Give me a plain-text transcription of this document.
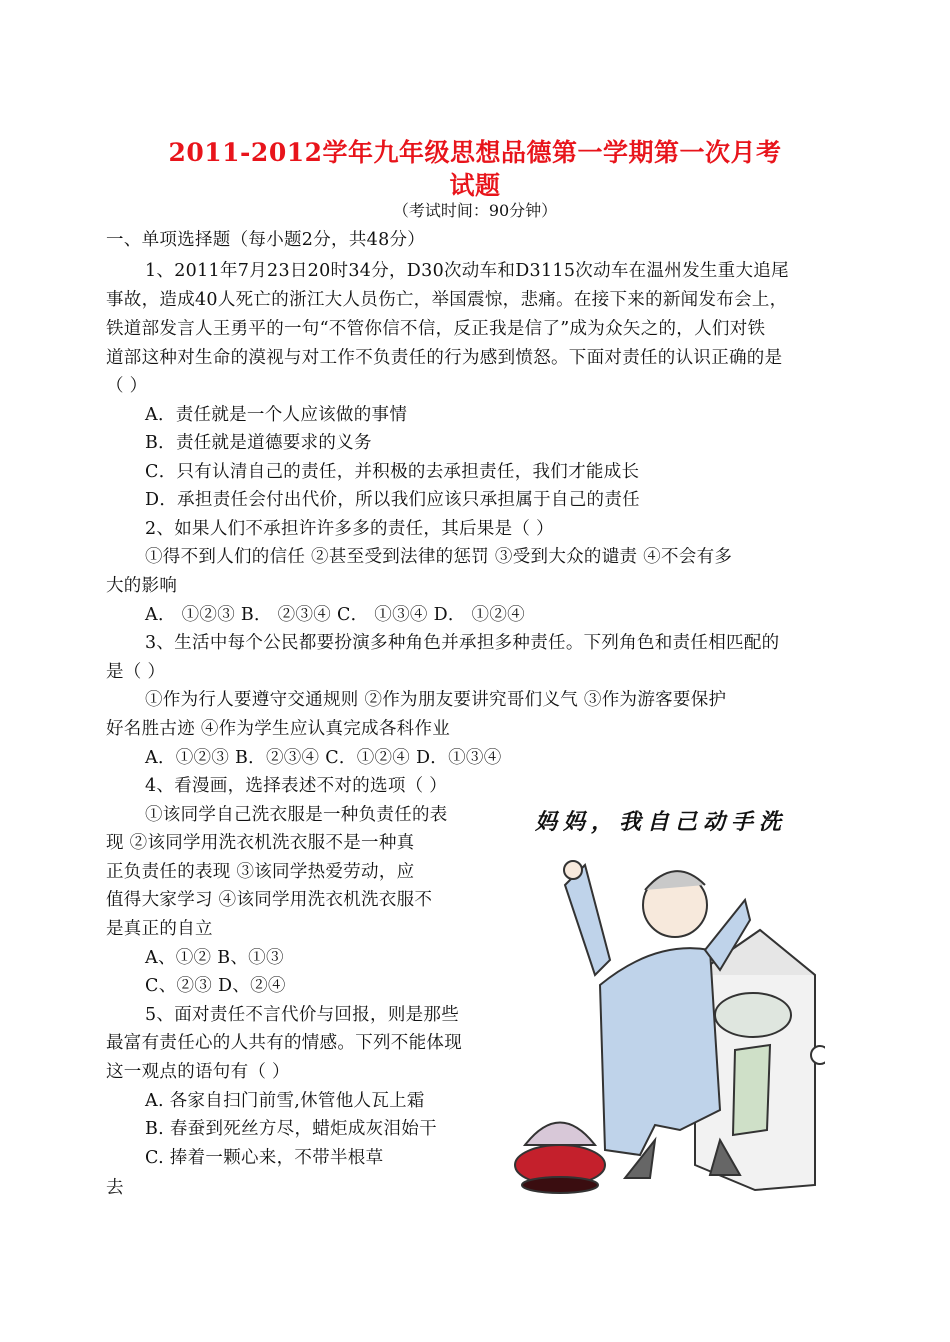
2011-2012学年九年级思想品德第一学期第一次月考
试题
（考试时间：90分钟）
一、单项选择题（每小题2分，共48分）
1、2011年7月23日20时34分，D30次动车和D3115次动车在温州发生重大追尾
事故，造成40人死亡的浙江大人员伤亡，举国震惊，悲痛。在接下来的新闻发布会上，
铁道部发言人王勇平的一句“不管你信不信，反正我是信了”成为众矢之的，人们对铁
道部这种对生命的漠视与对工作不负责任的行为感到愤怒。下面对责任的认识正确的是
（ ）
A．责任就是一个人应该做的事情
B．责任就是道德要求的义务
C．只有认清自己的责任，并积极的去承担责任，我们才能成长
D．承担责任会付出代价，所以我们应该只承担属于自己的责任
2、如果人们不承担许许多多的责任，其后果是（ ）
①得不到人们的信任 ②甚至受到法律的惩罚 ③受到大众的谴责 ④不会有多
大的影响
A． ①②③ B． ②③④ C． ①③④ D． ①②④
3、生活中每个公民都要扮演多种角色并承担多种责任。下列角色和责任相匹配的
是（ ）
①作为行人要遵守交通规则 ②作为朋友要讲究哥们义气 ③作为游客要保护
好名胜古迹 ④作为学生应认真完成各科作业
A．①②③ B．②③④ C．①②④ D．①③④
4、看漫画，选择表述不对的选项（ ）
①该同学自己洗衣服是一种负责任的表
现 ②该同学用洗衣机洗衣服不是一种真
正负责任的表现 ③该同学热爱劳动，应
值得大家学习 ④该同学用洗衣机洗衣服不
是真正的自立
A、①② B、①③
C、②③ D、②④
5、面对责任不言代价与回报，则是那些
最富有责任心的人共有的情感。下列不能体现
这一观点的语句有（ ）
A. 各家自扫门前雪,休管他人瓦上霜
B. 春蚕到死丝方尽，蜡炬成灰泪始干
C. 捧着一颗心来，不带半根草
去
妈妈，我自己动手洗
